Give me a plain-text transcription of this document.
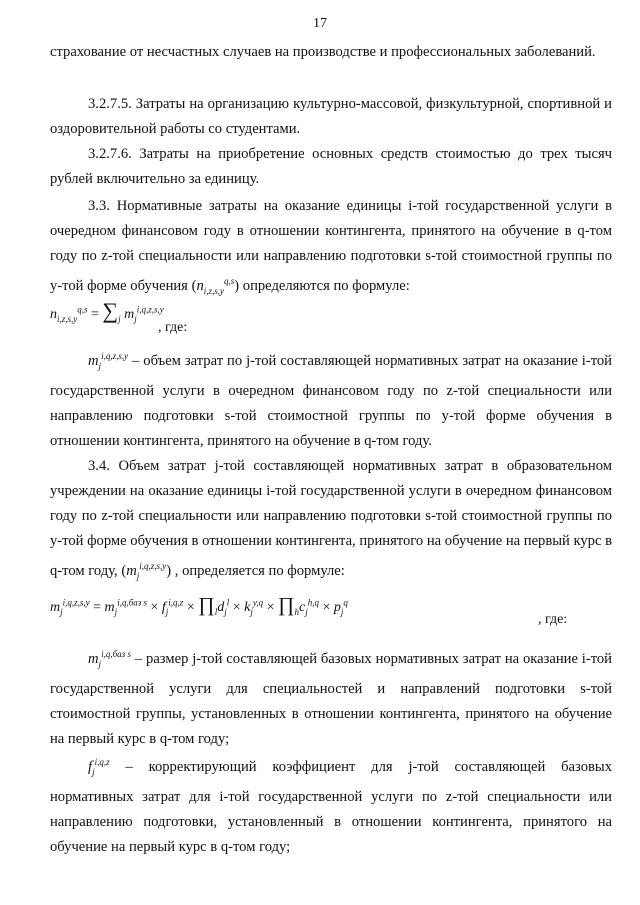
17

страхование от несчастных случаев на производстве и профессиональных заболеваний.

3.2.7.5. Затраты на организацию культурно-массовой, физкультурной, спортивной и оздоровительной работы со студентами.

3.2.7.6. Затраты на приобретение основных средств стоимостью до трех тысяч рублей включительно за единицу.

3.3. Нормативные затраты на оказание единицы i-той государственной услуги в очередном финансовом году в отношении контингента, принятого на обучение в q-том году по z-той специальности или направлению подготовки s-той стоимостной группы по у-той форме обучения $(n_{i,z,s,y}^{q,s})$ определяются по формуле:

$n_{i,z,s,y}^{q,s} = \sum_j$ $m_j^{i,q,z,s,y}$
, где:

$m_j^{i,q,z,s,y}$ – объем затрат по j-той составляющей нормативных затрат на оказание i-той государственной услуги в очередном финансовом году по z-той специальности или направлению подготовки s-той стоимостной группы по y-той форме обучения в отношении контингента, принятого на обучение в q-том году.

3.4. Объем затрат j-той составляющей нормативных затрат в образовательном учреждении на оказание единицы i-той государственной услуги в очередном финансовом году по z-той специальности или направлению подготовки s-той стоимостной группы по y-той форме обучения в отношении контингента, принятого на обучение на первый курс в q-том году, $(m_j^{i,q,z,s,y})$ , определяется по формуле:

$m_j^{i,q,z,s,y} = m_j^{i,q,баз s} \times f_j^{i,q,z}$ × $\prod_ld_j^l \times k_j^{y,q}$ × $\prod_hc_j^{h,q} \times p_j^q$
, где:

$m_j^{i,q,баз s}$ – размер j-той составляющей базовых нормативных затрат на оказание i-той государственной услуги для специальностей и направлений подготовки s-той стоимостной группы, установленных в отношении контингента, принятого на обучение на первый курс в q-том году;

$f_j^{i,q,z}$ – корректирующий коэффициент для j-той составляющей базовых нормативных затрат для i-той государственной услуги по z-той специальности или направлению подготовки, установленный в отношении контингента, принятого на обучение на первый курс в q-том году;
